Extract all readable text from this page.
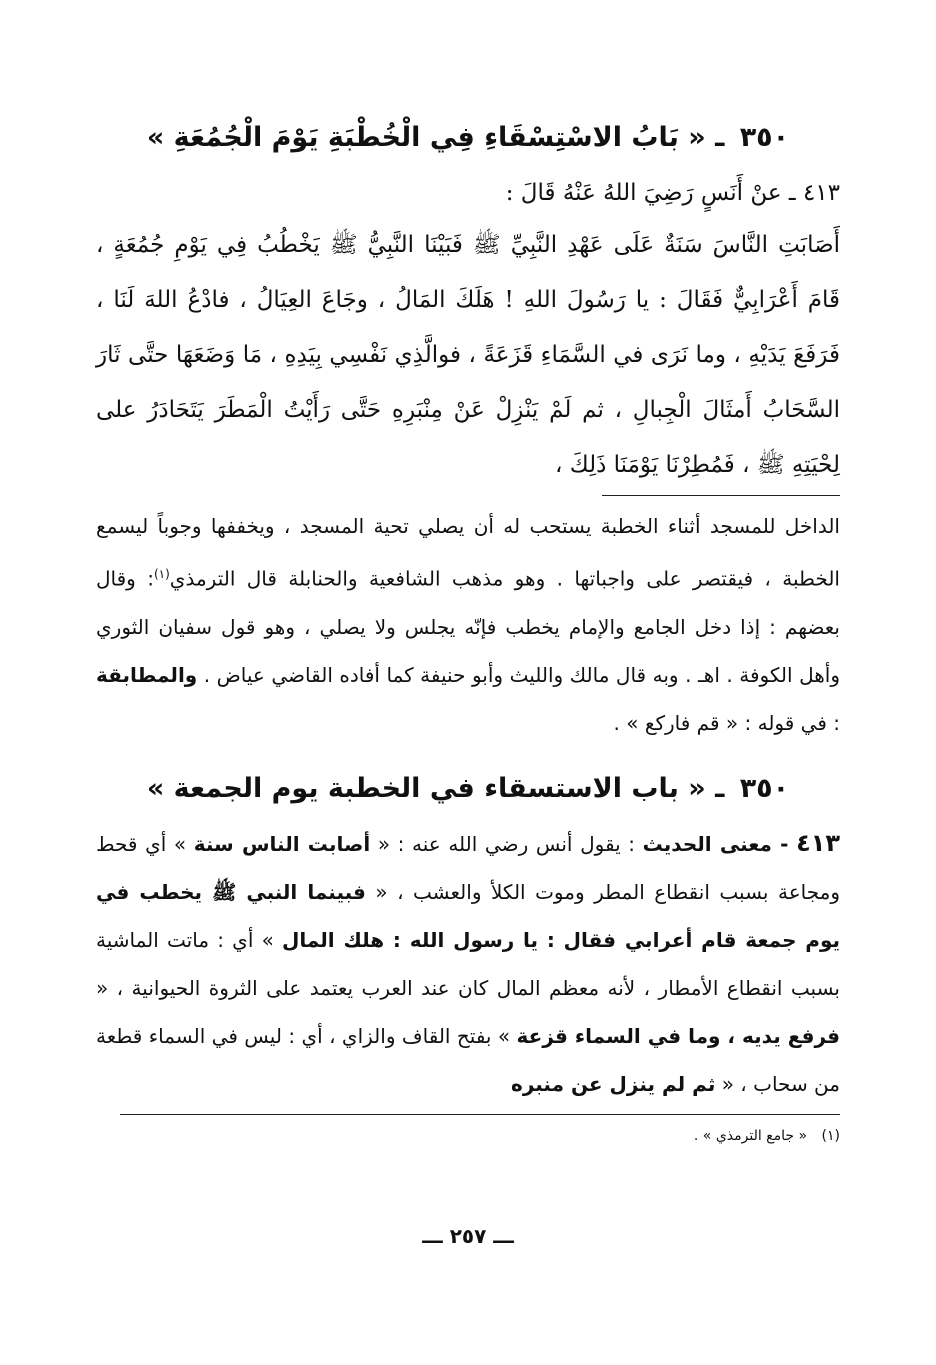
٣٥٠ ـ « بَابُ الاسْتِسْقَاءِ فِي الْخُطْبَةِ يَوْمَ الْجُمُعَةِ »

٤١٣ ـ عنْ أَنَسٍ رَضِيَ اللهُ عَنْهُ قَالَ :

أَصَابَتِ النَّاسَ سَنَةٌ عَلَى عَهْدِ النَّبِيِّ ﷺ فَبَيْنَا النَّبِيُّ ﷺ يَخْطُبُ فِي يَوْمِ جُمُعَةٍ ، قَامَ أَعْرَابِيٌّ فَقَالَ : يا رَسُولَ اللهِ ! هَلَكَ المَالُ ، وجَاعَ العِيَالُ ، فادْعُ اللهَ لَنَا ، فَرَفَعَ يَدَيْهِ ، وما نَرَى في السَّمَاءِ قَزَعَةً ، فوالَّذِي نَفْسِي بِيَدِهِ ، مَا وَضَعَهَا حتَّى ثَارَ السَّحَابُ أَمثَالَ الْجِبالِ ، ثم لَمْ يَنْزِلْ عَنْ مِنْبَرِهِ حَتَّى رَأَيْتُ الْمَطَرَ يَتَحَادَرُ على لِحْيَتِهِ ﷺ ، فَمُطِرْنَا يَوْمَنَا ذَلِكَ ،

الداخل للمسجد أثناء الخطبة يستحب له أن يصلي تحية المسجد ، ويخففها وجوباً ليسمع الخطبة ، فيقتصر على واجباتها . وهو مذهب الشافعية والحنابلة قال الترمذي$^{(١)}$: وقال بعضهم : إذا دخل الجامع والإمام يخطب فإنّه يجلس ولا يصلي ، وهو قول سفيان الثوري وأهل الكوفة . اهـ . وبه قال مالك والليث وأبو حنيفة كما أفاده القاضي عياض . والمطابقة : في قوله : « قم فاركع » .

٣٥٠ ـ « باب الاستسقاء في الخطبة يوم الجمعة »

٤١٣ - معنى الحديث : يقول أنس رضي الله عنه : « أصابت الناس سنة » أي قحط ومجاعة بسبب انقطاع المطر وموت الكلأ والعشب ، « فبينما النبي ﷺ يخطب في يوم جمعة قام أعرابي فقال : يا رسول الله : هلك المال » أي : ماتت الماشية بسبب انقطاع الأمطار ، لأنه معظم المال كان عند العرب يعتمد على الثروة الحيوانية ، « فرفع يديه ، وما في السماء قزعة » بفتح القاف والزاي ، أي : ليس في السماء قطعة من سحاب ، « ثم لم ينزل عن منبره

(١) « جامع الترمذي » .
ـــ ٢٥٧ ـــ
